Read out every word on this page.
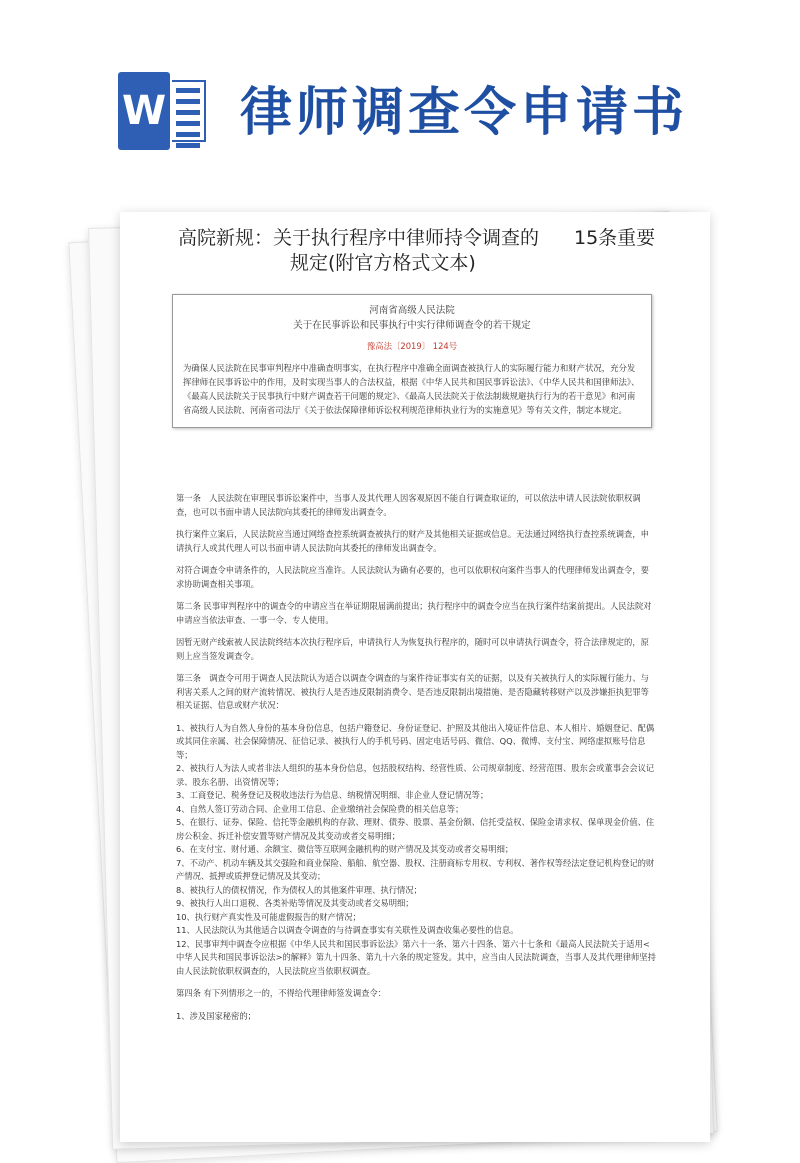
W 律师调查令申请书
高院新规：关于执行程序中律师持令调查的	15条重要
规定(附官方格式文本)
河南省高级人民法院
关于在民事诉讼和民事执行中实行律师调查令的若干规定
豫高法〔2019〕 124号
为确保人民法院在民事审判程序中准确查明事实，在执行程序中准确全面调查被执行人的实际履行能力和财产状况，充分发挥律师在民事诉讼中的作用，及时实现当事人的合法权益，根据《中华人民共和国民事诉讼法》、《中华人民共和国律师法》、《最高人民法院关于民事执行中财产调查若干问题的规定》、《最高人民法院关于依法制裁规避执行行为的若干意见》和河南省高级人民法院、河南省司法厅《关于依法保障律师诉讼权利规范律师执业行为的实施意见》等有关文件，制定本规定。

第一条　人民法院在审理民事诉讼案件中，当事人及其代理人因客观原因不能自行调查取证的，可以依法申请人民法院依职权调查，也可以书面申请人民法院向其委托的律师发出调查令。

执行案件立案后，人民法院应当通过网络查控系统调查被执行的财产及其他相关证据或信息。无法通过网络执行查控系统调查，申请执行人或其代理人可以书面申请人民法院向其委托的律师发出调查令。

对符合调查令申请条件的，人民法院应当准许。人民法院认为确有必要的，也可以依职权向案件当事人的代理律师发出调查令，要求协助调查相关事项。

第二条 民事审判程序中的调查令的申请应当在举证期限届满前提出；执行程序中的调查令应当在执行案件结案前提出。人民法院对申请应当依法审查、一事一令、专人使用。

因暂无财产线索被人民法院终结本次执行程序后，申请执行人为恢复执行程序的，随时可以申请执行调查令，符合法律规定的，原则上应当签发调查令。

第三条　调查令可用于调查人民法院认为适合以调查令调查的与案件待证事实有关的证据，以及有关被执行人的实际履行能力、与利害关系人之间的财产流转情况、被执行人是否违反限制消费令、是否违反限制出境措施、是否隐藏转移财产以及涉嫌拒执犯罪等相关证据、信息或财产状况：

1、被执行人为自然人身份的基本身份信息，包括户籍登记、身份证登记、护照及其他出入境证件信息、本人相片、婚姻登记、配偶或其同住亲属、社会保障情况、征信记录、被执行人的手机号码、固定电话号码、微信、QQ、微博、支付宝、网络虚拟账号信息等；
2、被执行人为法人或者非法人组织的基本身份信息，包括股权结构、经营性质、公司规章制度、经营范围、股东会或董事会会议记录、股东名册、出资情况等；
3、工商登记、税务登记及税收违法行为信息、纳税情况明细、非企业人登记情况等；
4、自然人签订劳动合同、企业用工信息、企业缴纳社会保险费的相关信息等；
5、在银行、证券、保险、信托等金融机构的存款、理财、债券、股票、基金份额、信托受益权、保险金请求权、保单现金价值、住房公积金、拆迁补偿安置等财产情况及其变动或者交易明细；
6、在支付宝、财付通、余额宝、微信等互联网金融机构的财产情况及其变动或者交易明细；
7、不动产、机动车辆及其交强险和商业保险、船舶、航空器、股权、注册商标专用权、专利权、著作权等经法定登记机构登记的财产情况、抵押或质押登记情况及其变动；
8、被执行人的债权情况，作为债权人的其他案件审理、执行情况；
9、被执行人出口退税、各类补贴等情况及其变动或者交易明细；
10、执行财产真实性及可能虚假报告的财产情况；
11、人民法院认为其他适合以调查令调查的与待调查事实有关联性及调查收集必要性的信息。
12、民事审判中调查令应根据《中华人民共和国民事诉讼法》第六十一条、第六十四条、第六十七条和《最高人民法院关于适用<中华人民共和国民事诉讼法>的解释》第九十四条、第九十六条的规定签发。其中，应当由人民法院调查，当事人及其代理律师坚持由人民法院依职权调查的，人民法院应当依职权调查。

第四条 有下列情形之一的，不得给代理律师签发调查令：

1、涉及国家秘密的；
